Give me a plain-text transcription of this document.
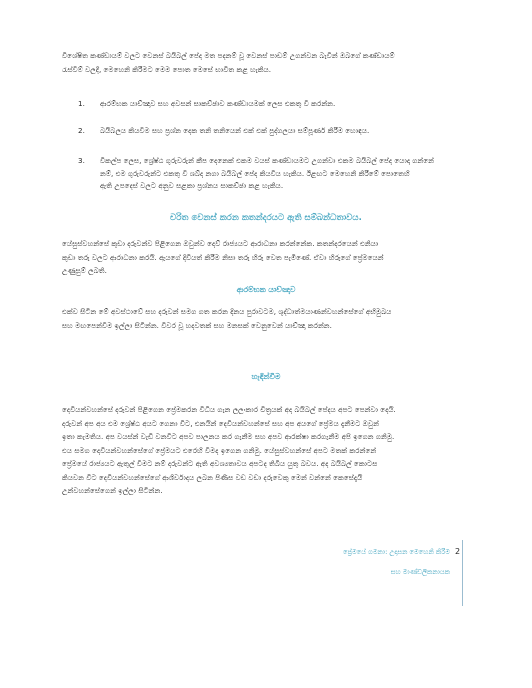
විශේෂිත කණ්ඩායම් වලට වෙනස් බයිබල් පේද මත පදනම් වූ වෙනස් පාඩම් උගන්වන බැවින් ඔබගේ කණ්ඩායම්
රැස්වීම් වලදී, මෙහෙනි කිරීමට මෙම පොත මෙසේ භාවිත කළ හැකිය.

1. ආරම්භක යාච්ඤාව සහ අවසන් සාකච්ඡාව කණ්ඩායමක් ලෙස එකතු වී කරන්න.
2. බයිබලය කියවීම සහ ප්‍රශ්න දෙක තනි තනියෙන් එක් එක් පුද්ගලයා සම්පූර්ණ කිරීම හොඳය.
3. විකල්ප ලෙස, ශ්‍රේෂ්ඨ ගුරුවරුන් කීප දෙනෙක් එකම වයස් කණ්ඩායමට උගන්වා එකම බයිබල් පේද යොදා ගන්නේ
නම්, එම ගුරුවරුන්ට එකතු වී ශබ්ද නගා බයිබල් පේද කියවිය හැකිය. ඊළඟට මෙහෙනි කිරීමේ පොතෙහි
ඇති උපදෙස් වලට අනුව සළකා ප්‍රශ්නය සාකච්ඡා කළ හැකිය.
චරිත වෙනස් කරන කතන්දරයට ඇති සම්බන්ධතාවය.

යේසුස්වහන්සේ කුඩා දරුවන්ව පිළිගෙන ඔවුන්ව දෙව් රාජ්‍යයට ආරාධනා කරන්නේක. කතන්දරයෙන් එනියා
කුඩා තරු වලට ආරාධනා කරයි. ඇයගේ දිවියත් කිරීම නිසා තරු හිරු වෙත පැමිණේ. ඒවා හිරුගේ ප්‍රේමයෙන්
උණුසුම් ලබති.

ආරම්භක යාච්ඤාව

එක්ව සිටින මේ අවස්ථාවේ සහ දරුවන් සමග ගත කරන දිනය පුරාවටම, ශුද්ධාත්මයාණන්වහන්සේගේ අභිමුඛය
සහ මඟපෙන්වීම ඉල්ලා සිටින්න. විවර වූ හදවතක් සහ මනසක් වෙනුවෙන් යාච්ඤා කරන්න.

හැඳින්වීම

දෙවියන්වහන්සේ දරුවන් පිළිගෙන ප්‍රේමකරන විධිය ගැන ලලංකාර චිත්‍රයක් අද බයිබල් පේදය අපට පෙන්වා දෙයි.
දරුවන් අප අය එම ශ්‍රේෂ්ඨ අයට ගෙනා විට, එනයින් දෙවියන්වහන්සේ සහ අප අයගේ ප්‍රේමය දැනීමට ඔවුන්
ඉතා කැමතිය. අප වයස්න් වැඩි වනවිට අපව පාලනය කර ගැනීම සහ අපව ආරක්ෂා කරගැනීම අපි ඉගෙන ගනිමු.
එය සමග දෙවියන්වහන්සේගේ ප්‍රේමයට එරෙහි වීමද ඉගෙන ගනිමු. යේසුස්වහන්සේ අපට මතක් කරන්නේ
ප්‍රේමයේ රාජ්‍යයට ඇතුල් වීමට නම් දරුවන්ට ඇති අවශ්‍යතාවය අපටද තිබිය යුතු බවය. අද බයිබල් කොටස
කියවන විට දෙවියන්වහන්සේගේ ආශිර්වාදය ලබන පිණිස වඩ වඩා දරුවෙකු මෙන් වන්නේ කෙසේදැයි
උන්වහන්සේගෙන් ඉල්ලා සිටින්න.

ප්‍රේමයේ ගමනා: උදාසන මෙහෙනි කිරීම
සහ මාණ්ඩලිකනායක
2
